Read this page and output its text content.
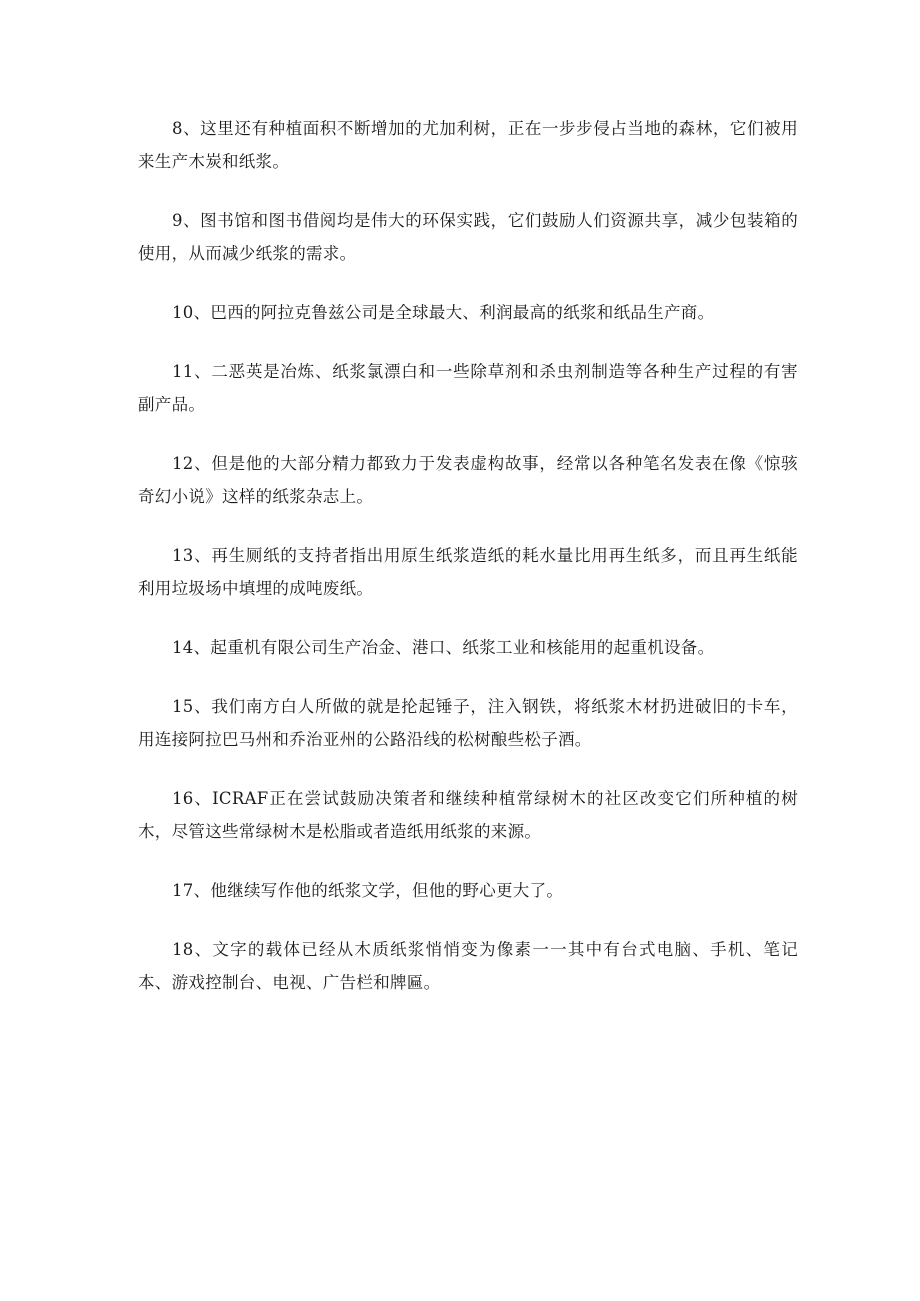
8、这里还有种植面积不断增加的尤加利树，正在一步步侵占当地的森林，它们被用来生产木炭和纸浆。

9、图书馆和图书借阅均是伟大的环保实践，它们鼓励人们资源共享，减少包装箱的使用，从而减少纸浆的需求。

10、巴西的阿拉克鲁兹公司是全球最大、利润最高的纸浆和纸品生产商。

11、二恶英是冶炼、纸浆氯漂白和一些除草剂和杀虫剂制造等各种生产过程的有害副产品。

12、但是他的大部分精力都致力于发表虚构故事，经常以各种笔名发表在像《惊骇奇幻小说》这样的纸浆杂志上。

13、再生厕纸的支持者指出用原生纸浆造纸的耗水量比用再生纸多，而且再生纸能利用垃圾场中填埋的成吨废纸。

14、起重机有限公司生产冶金、港口、纸浆工业和核能用的起重机设备。

15、我们南方白人所做的就是抡起锤子，注入钢铁，将纸浆木材扔进破旧的卡车，用连接阿拉巴马州和乔治亚州的公路沿线的松树酿些松子酒。

16、ICRAF正在尝试鼓励决策者和继续种植常绿树木的社区改变它们所种植的树木，尽管这些常绿树木是松脂或者造纸用纸浆的来源。

17、他继续写作他的纸浆文学，但他的野心更大了。

18、文字的载体已经从木质纸浆悄悄变为像素一一其中有台式电脑、手机、笔记本、游戏控制台、电视、广告栏和牌匾。
